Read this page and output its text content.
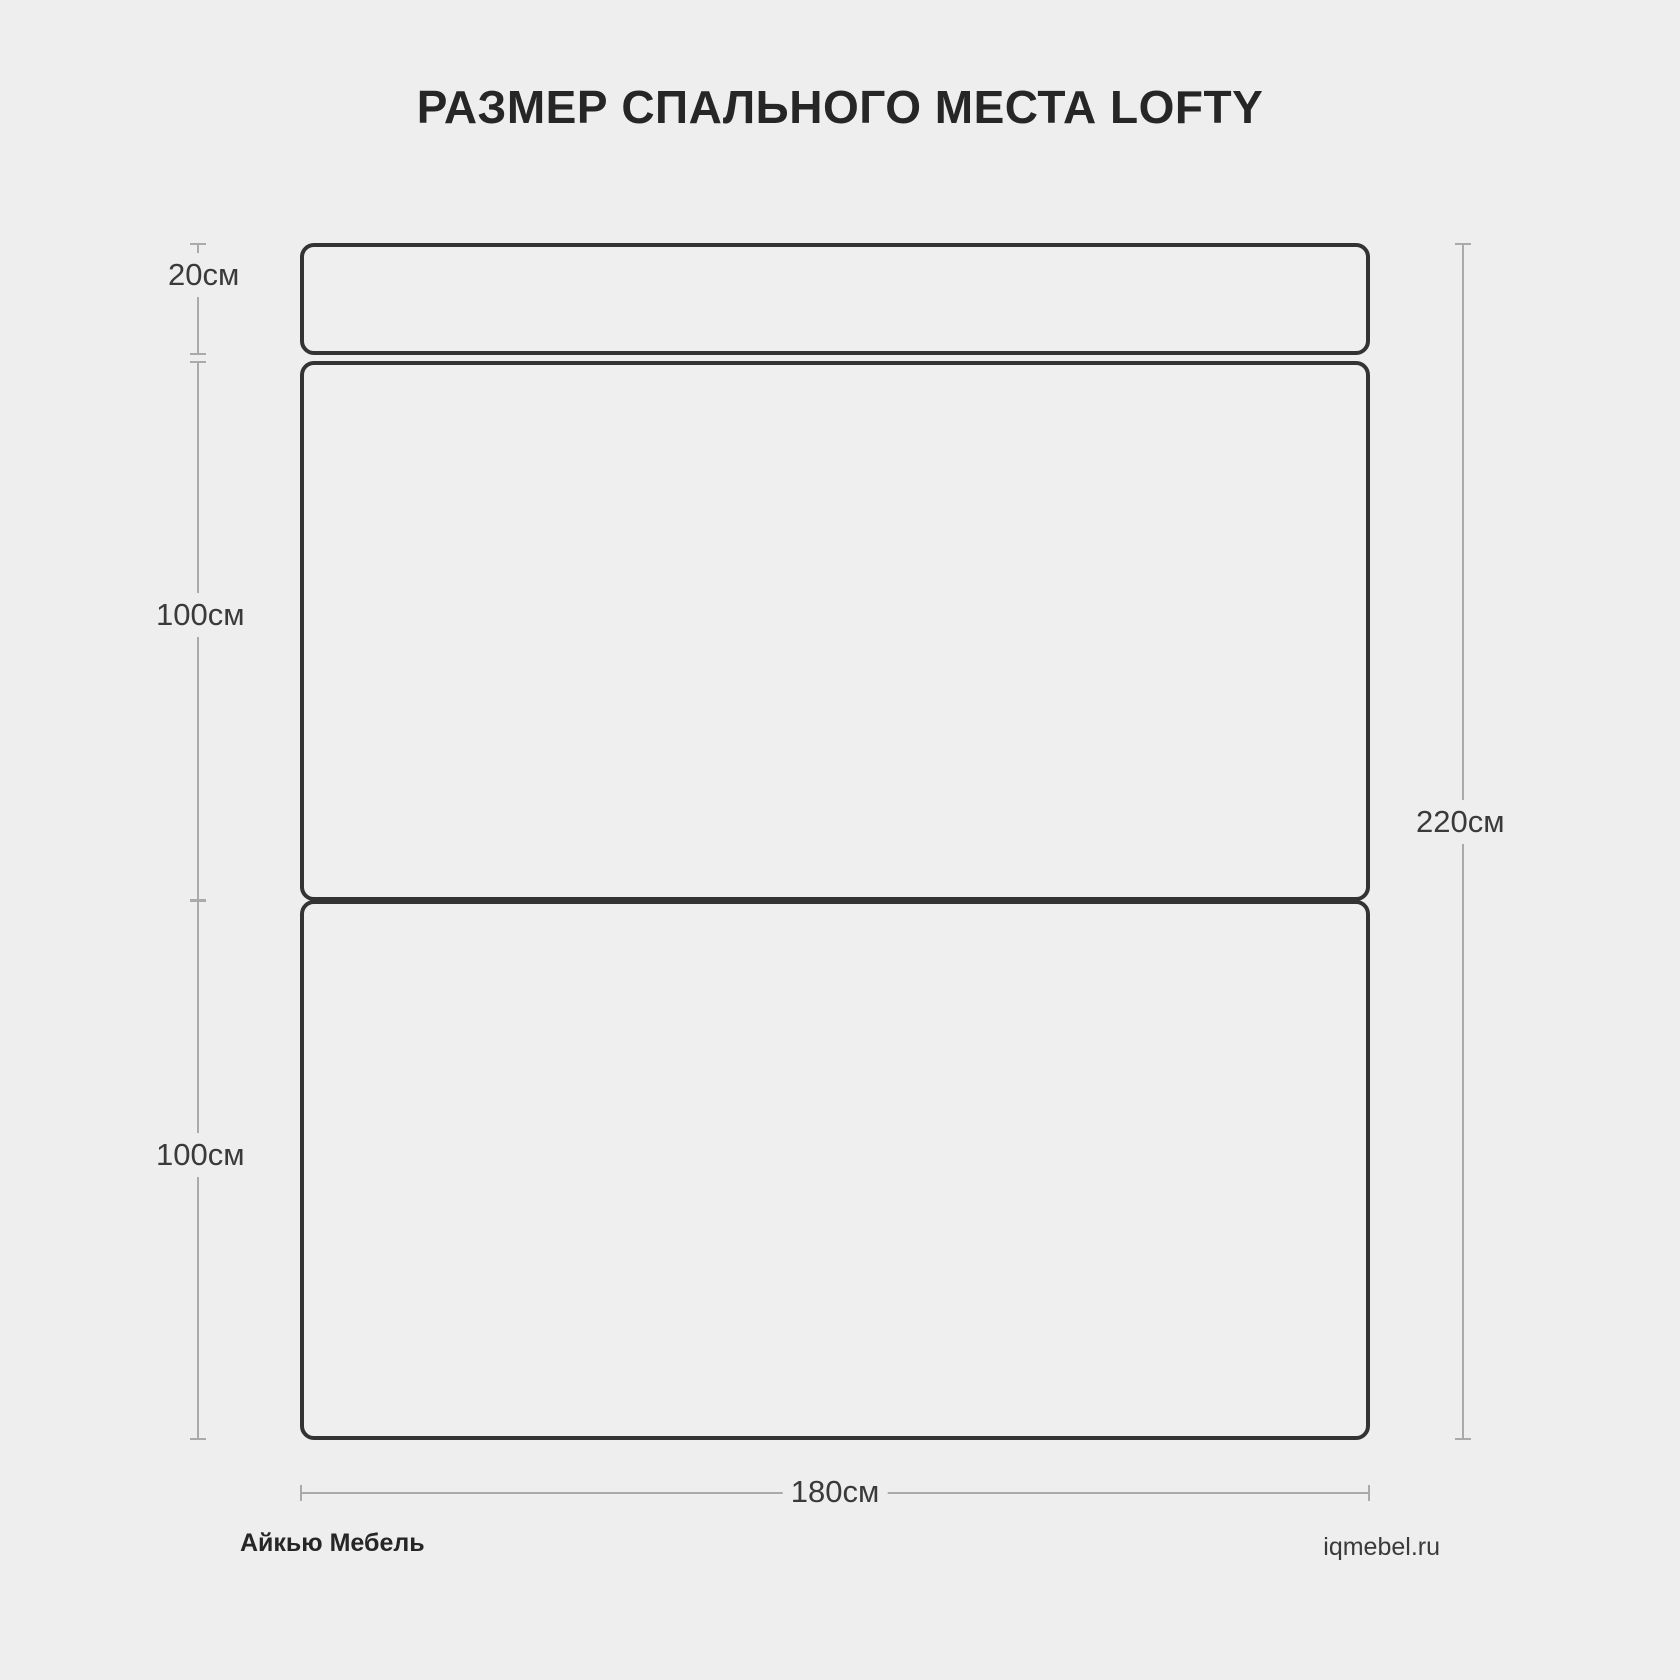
РАЗМЕР СПАЛЬНОГО МЕСТА LOFTY
20см
100см
100см
220см
180см
Айкью Мебель	iqmebel.ru
